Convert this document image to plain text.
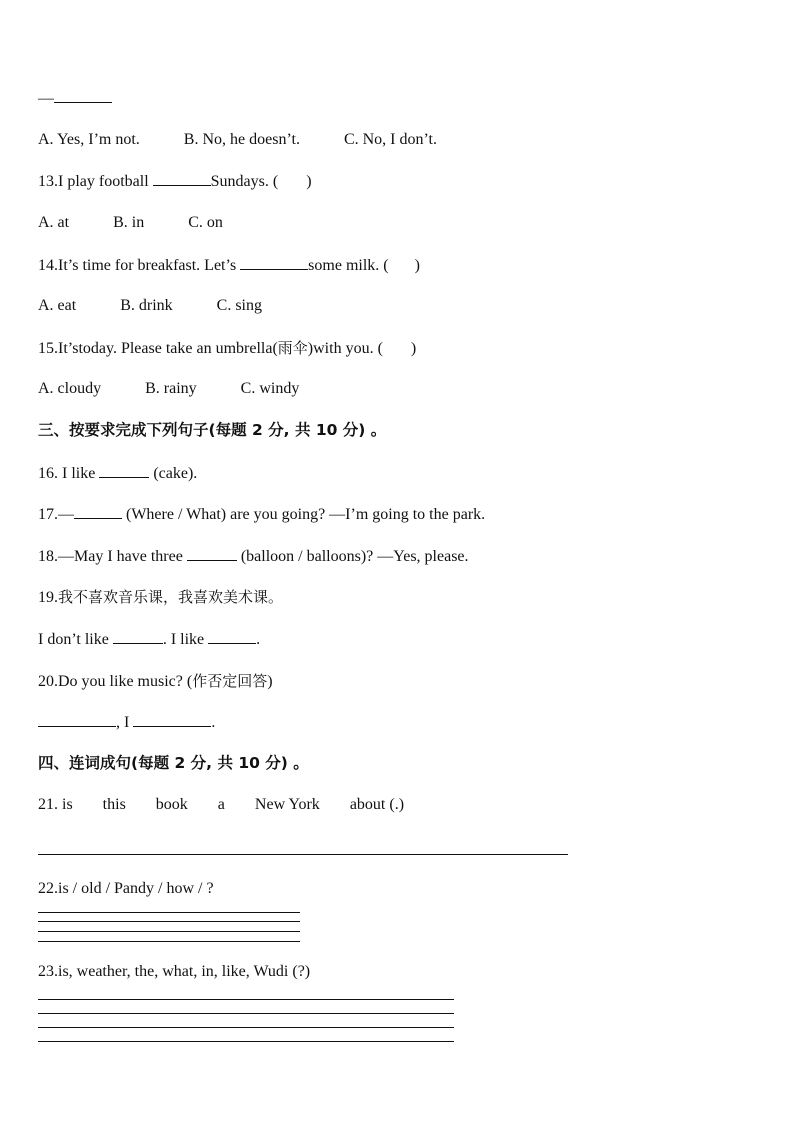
—
A. Yes, I’m not.	B. No, he doesn’t.	C. No, I don’t.
13.I play football	Sundays. ( )
A. at	B. in	C. on
14.It’s time for breakfast. Let’s	some milk. ( )
A. eat	B. drink	C. sing
15.It’stoday. Please take an umbrella(雨伞)with you. ( )
A. cloudy	B. rainy	C. windy
三、按要求完成下列句子(每题 2 分, 共 10 分) 。
16. I like	(cake).
17.—	(Where / What) are you going? —I’m going to the park.
18.—May I have three	(balloon / balloons)? —Yes, please.
19.我不喜欢音乐课，我喜欢美术课。
I don’t like	. I like	.
20.Do you like music? (作否定回答)
, I	.
四、连词成句(每题 2 分, 共 10 分) 。
21. is this book a New York about (.)
22.is / old / Pandy / how / ?
23.is, weather, the, what, in, like, Wudi (?)
